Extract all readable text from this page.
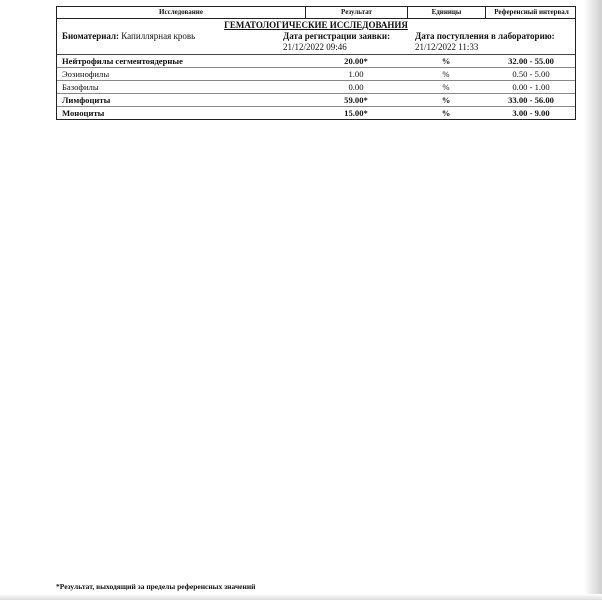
Исследование	Результат	Единицы	Референсный интервал
ГЕМАТОЛОГИЧЕСКИЕ ИССЛЕДОВАНИЯ
Биоматериал: Капиллярная кровь	Дата регистрации заявки:
21/12/2022 09:46
Дата поступления в лабораторию:
21/12/2022 11:33
Нейтрофилы сегментоядерные	20.00*	%	32.00 - 55.00
Эозинофилы	1.00	%	0.50 - 5.00
Базофилы	0.00	%	0.00 - 1.00
Лимфоциты	59.00*	%	33.00 - 56.00
Моноциты	15.00*	%	3.00 - 9.00
*Результат, выходящий за пределы референсных значений
